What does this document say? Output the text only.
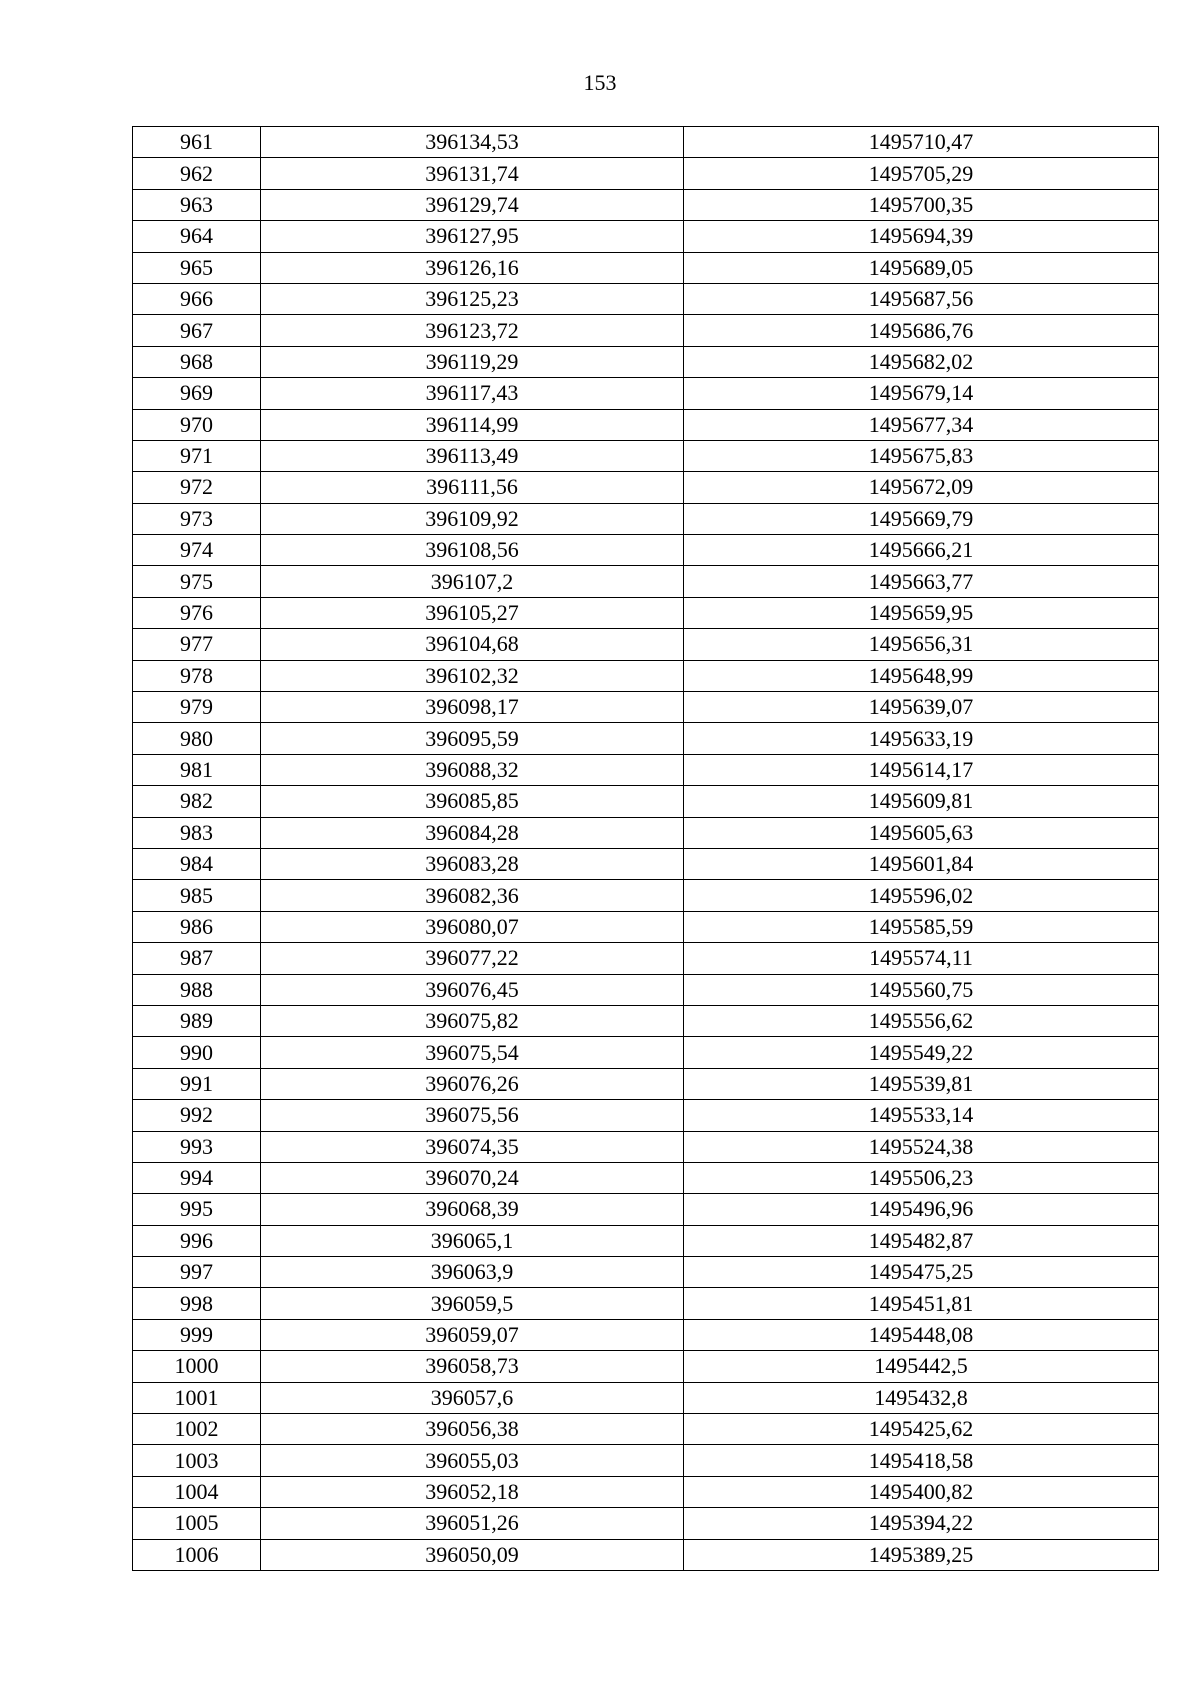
153
961	396134,53	1495710,47
962	396131,74	1495705,29
963	396129,74	1495700,35
964	396127,95	1495694,39
965	396126,16	1495689,05
966	396125,23	1495687,56
967	396123,72	1495686,76
968	396119,29	1495682,02
969	396117,43	1495679,14
970	396114,99	1495677,34
971	396113,49	1495675,83
972	396111,56	1495672,09
973	396109,92	1495669,79
974	396108,56	1495666,21
975	396107,2	1495663,77
976	396105,27	1495659,95
977	396104,68	1495656,31
978	396102,32	1495648,99
979	396098,17	1495639,07
980	396095,59	1495633,19
981	396088,32	1495614,17
982	396085,85	1495609,81
983	396084,28	1495605,63
984	396083,28	1495601,84
985	396082,36	1495596,02
986	396080,07	1495585,59
987	396077,22	1495574,11
988	396076,45	1495560,75
989	396075,82	1495556,62
990	396075,54	1495549,22
991	396076,26	1495539,81
992	396075,56	1495533,14
993	396074,35	1495524,38
994	396070,24	1495506,23
995	396068,39	1495496,96
996	396065,1	1495482,87
997	396063,9	1495475,25
998	396059,5	1495451,81
999	396059,07	1495448,08
1000	396058,73	1495442,5
1001	396057,6	1495432,8
1002	396056,38	1495425,62
1003	396055,03	1495418,58
1004	396052,18	1495400,82
1005	396051,26	1495394,22
1006	396050,09	1495389,25
